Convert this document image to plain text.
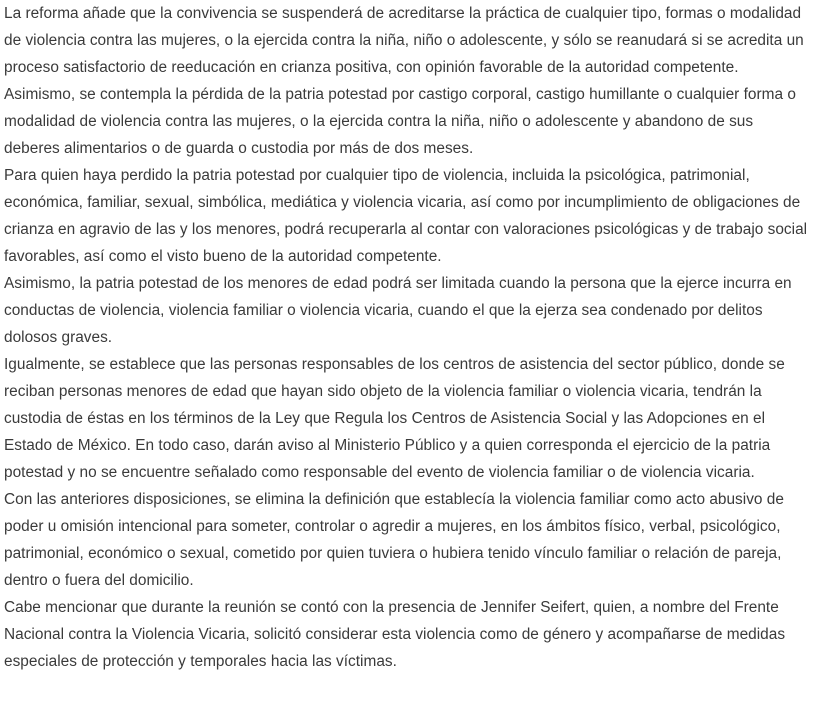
La reforma añade que la convivencia se suspenderá de acreditarse la práctica de cualquier tipo, formas o modalidad de violencia contra las mujeres, o la ejercida contra la niña, niño o adolescente, y sólo se reanudará si se acredita un proceso satisfactorio de reeducación en crianza positiva, con opinión favorable de la autoridad competente.

Asimismo, se contempla la pérdida de la patria potestad por castigo corporal, castigo humillante o cualquier forma o modalidad de violencia contra las mujeres, o la ejercida contra la niña, niño o adolescente y abandono de sus deberes alimentarios o de guarda o custodia por más de dos meses.

Para quien haya perdido la patria potestad por cualquier tipo de violencia, incluida la psicológica, patrimonial, económica, familiar, sexual, simbólica, mediática y violencia vicaria, así como por incumplimiento de obligaciones de crianza en agravio de las y los menores, podrá recuperarla al contar con valoraciones psicológicas y de trabajo social favorables, así como el visto bueno de la autoridad competente.

Asimismo, la patria potestad de los menores de edad podrá ser limitada cuando la persona que la ejerce incurra en conductas de violencia, violencia familiar o violencia vicaria, cuando el que la ejerza sea condenado por delitos dolosos graves.

Igualmente, se establece que las personas responsables de los centros de asistencia del sector público, donde se reciban personas menores de edad que hayan sido objeto de la violencia familiar o violencia vicaria, tendrán la custodia de éstas en los términos de la Ley que Regula los Centros de Asistencia Social y las Adopciones en el Estado de México. En todo caso, darán aviso al Ministerio Público y a quien corresponda el ejercicio de la patria potestad y no se encuentre señalado como responsable del evento de violencia familiar o de violencia vicaria.

Con las anteriores disposiciones, se elimina la definición que establecía la violencia familiar como acto abusivo de poder u omisión intencional para someter, controlar o agredir a mujeres, en los ámbitos físico, verbal, psicológico, patrimonial, económico o sexual, cometido por quien tuviera o hubiera tenido vínculo familiar o relación de pareja, dentro o fuera del domicilio.

Cabe mencionar que durante la reunión se contó con la presencia de Jennifer Seifert, quien, a nombre del Frente Nacional contra la Violencia Vicaria, solicitó considerar esta violencia como de género y acompañarse de medidas especiales de protección y temporales hacia las víctimas.
